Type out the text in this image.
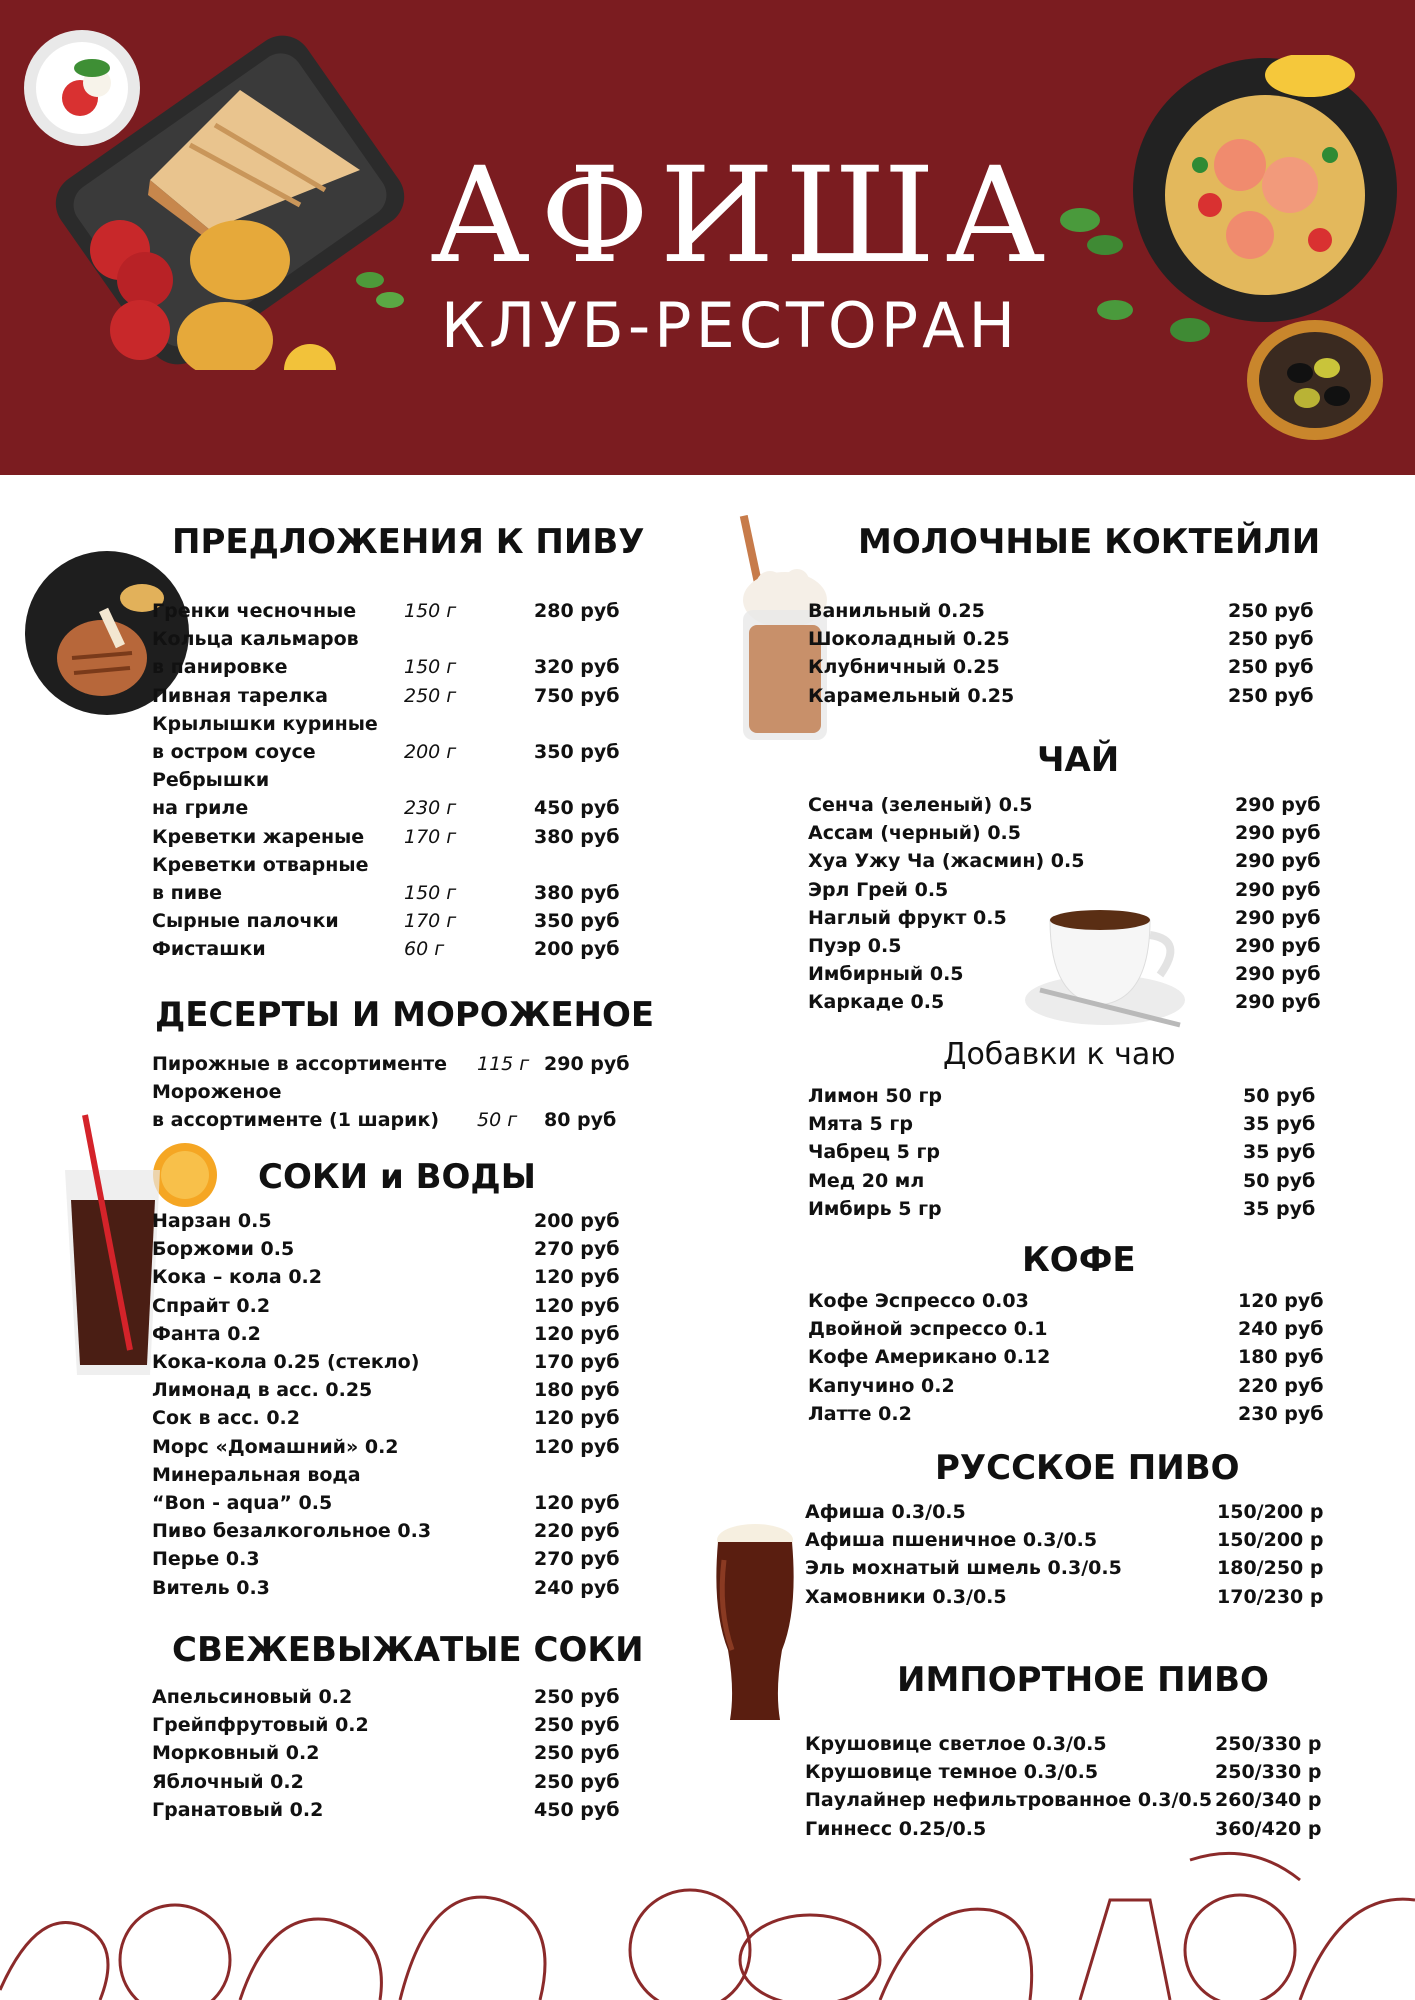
АФИША
КЛУБ-РЕСТОРАН
ПРЕДЛОЖЕНИЯ К ПИВУ
Гренки чесночные	150 г	280 руб
Кольца кальмаров
в панировке	150 г	320 руб
Пивная тарелка	250 г	750 руб
Крылышки куриные
в остром соусе	200 г	350 руб
Ребрышки
на гриле	230 г	450 руб
Креветки жареные 170 г	380 руб
Креветки отварные
в пиве	150 г	380 руб
Сырные палочки	170 г	350 руб
Фисташки	60 г	200 руб
ДЕСЕРТЫ И МОРОЖЕНОЕ
Пирожные в ассортименте 115 г 290 руб
Мороженое
в ассортименте (1 шарик) 50 г 80 руб
СОКИ и ВОДЫ
Нарзан 0.5	200 руб
Боржоми 0.5	270 руб
Кока – кола 0.2	120 руб
Спрайт 0.2	120 руб
Фанта 0.2	120 руб
Кока-кола 0.25 (стекло)	170 руб
Лимонад в асс. 0.25	180 руб
Сок в асс. 0.2	120 руб
Морс «Домашний» 0.2	120 руб
Минеральная вода
“Bon - aqua” 0.5	120 руб
Пиво безалкогольное 0.3	220 руб
Перье 0.3	270 руб
Витель 0.3	240 руб
СВЕЖЕВЫЖАТЫЕ СОКИ
Апельсиновый 0.2	250 руб
Грейпфрутовый 0.2	250 руб
Морковный 0.2	250 руб
Яблочный 0.2	250 руб
Гранатовый 0.2	450 руб
МОЛОЧНЫЕ КОКТЕЙЛИ
Ванильный 0.25	250 руб
Шоколадный 0.25	250 руб
Клубничный 0.25	250 руб
Карамельный 0.25	250 руб
ЧАЙ
Сенча (зеленый) 0.5	290 руб
Ассам (черный) 0.5	290 руб
Хуа Ужу Ча (жасмин) 0.5	290 руб
Эрл Грей 0.5	290 руб
Наглый фрукт 0.5	290 руб
Пуэр 0.5	290 руб
Имбирный 0.5	290 руб
Каркаде 0.5	290 руб
Добавки к чаю
Лимон 50 гр	50 руб
Мята 5 гр	35 руб
Чабрец 5 гр	35 руб
Мед 20 мл	50 руб
Имбирь 5 гр	35 руб
КОФЕ
Кофе Эспрессо 0.03	120 руб
Двойной эспрессо 0.1	240 руб
Кофе Американо 0.12	180 руб
Капучино 0.2	220 руб
Латте 0.2	230 руб
РУССКОЕ ПИВО
Афиша 0.3/0.5	150/200 р
Афиша пшеничное 0.3/0.5	150/200 р
Эль мохнатый шмель 0.3/0.5	180/250 р
Хамовники 0.3/0.5	170/230 р
ИМПОРТНОЕ ПИВО
Крушовице светлое 0.3/0.5	250/330 р
Крушовице темное 0.3/0.5	250/330 р
Паулайнер нефильтрованное 0.3/0.5 260/340 р
Гиннесс 0.25/0.5	360/420 р
